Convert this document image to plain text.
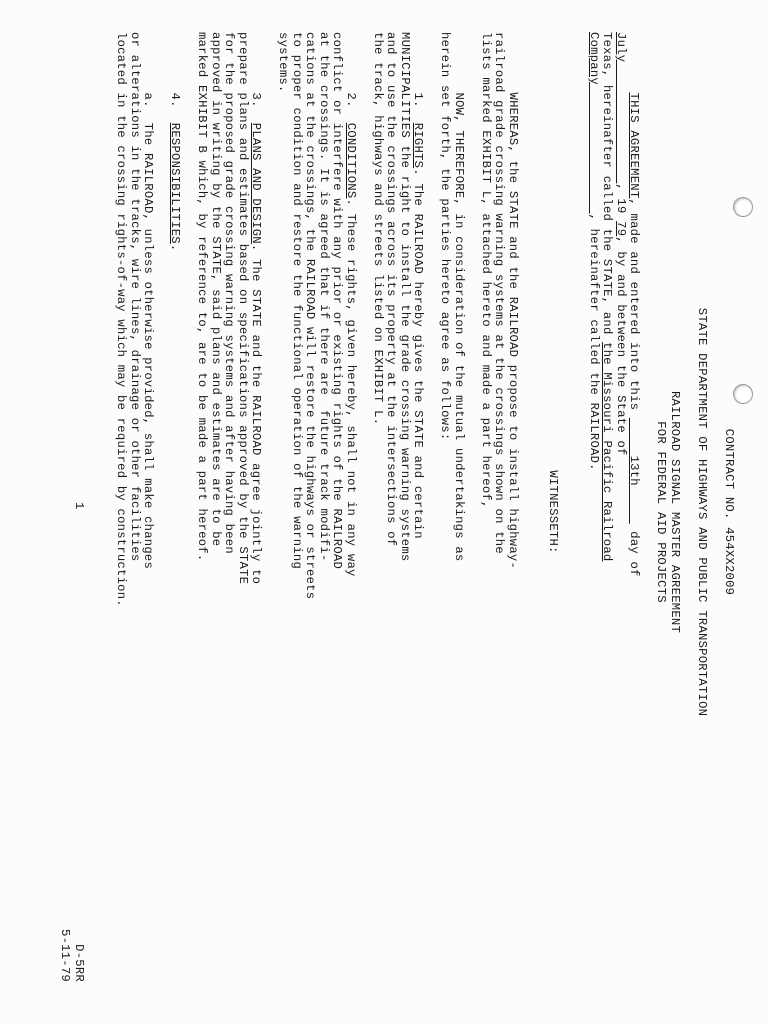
CONTRACT NO. 454XX2009

STATE DEPARTMENT OF HIGHWAYS AND PUBLIC TRANSPORTATION

RAILROAD SIGNAL MASTER AGREEMENT

FOR FEDERAL AID PROJECTS

THIS AGREEMENT, made and entered into this      13th      day of

July                , 19 79, by and between the State of

Texas, hereinafter called the STATE, and the Missouri Pacific Railroad

Company                 , hereinafter called the RAILROAD.

WITNESSETH:

WHEREAS, the STATE and the RAILROAD propose to install highway-

railroad grade crossing warning systems at the crossings shown on the

lists marked EXHIBIT L, attached hereto and made a part hereof,

NOW, THEREFORE, in consideration of the mutual undertakings as

herein set forth, the parties hereto agree as follows:

1.  RIGHTS. The RAILROAD hereby gives the STATE and certain

MUNICIPALITIES the right to install the grade crossing warning systems

and to use the crossings across its property at the intersections of

the track, highways and streets listed on EXHIBIT L.

2.  CONDITIONS. These rights, given hereby, shall not in any way

conflict or interfere with any prior or existing rights of the RAILROAD

at the crossings. It is agreed that if there are  future track modifi-

cations at the crossings, the RAILROAD will restore the highways or streets

to proper condition and restore the functional operation of the warning

systems.

3.  PLANS AND DESIGN. The STATE and the RAILROAD agree jointly to

prepare plans and estimates based on specifications approved by the STATE

for the proposed grade crossing warning systems and after having been

approved in writing by the STATE, said plans and estimates are to be

marked EXHIBIT B which, by reference to, are to be made a part hereof.

4.  RESPONSIBILITIES.

a.  The RAILROAD, unless otherwise provided, shall make changes

or alterations in the tracks, wire lines, drainage or other facilities

located in the crossing rights-of-way which may be required by construction.

1

D-5RR

5-11-79
